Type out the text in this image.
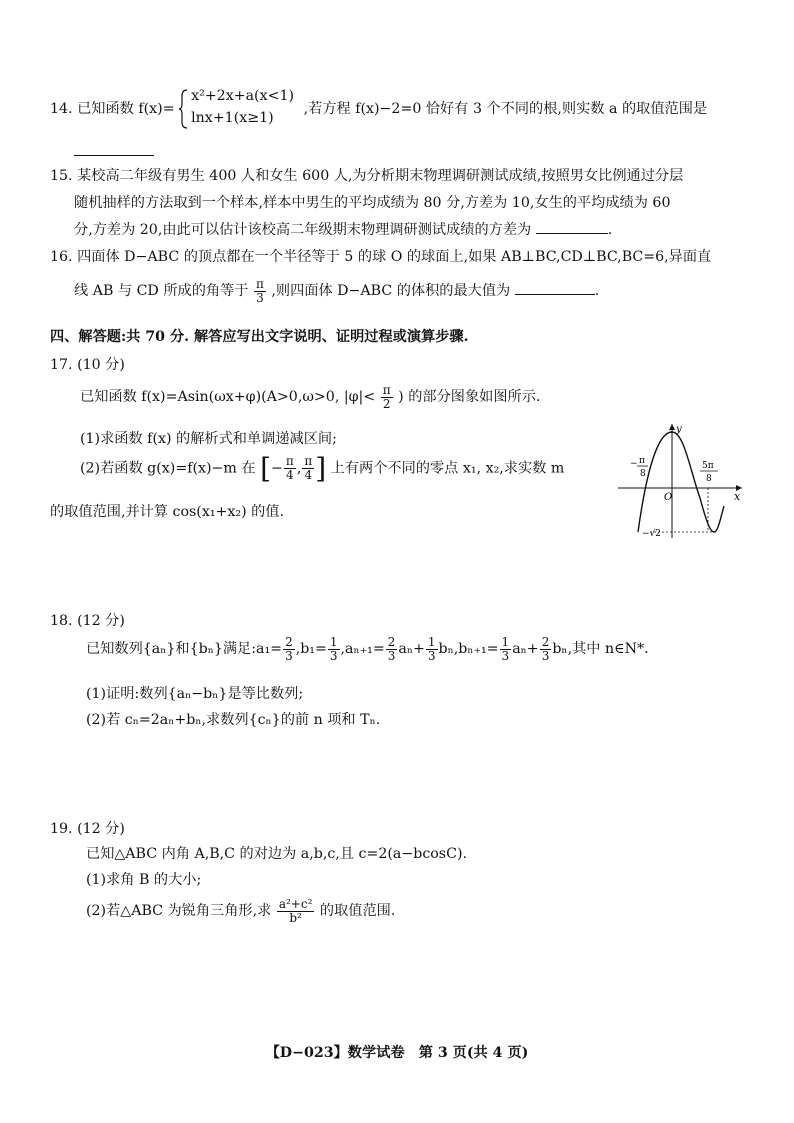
14. 已知函数 f(x)=
x²+2x+a(x<1)
lnx+1(x≥1)
,若方程 f(x)−2=0 恰好有 3 个不同的根,则实数 a 的取值范围是
15. 某校高二年级有男生 400 人和女生 600 人,为分析期末物理调研测试成绩,按照男女比例通过分层
随机抽样的方法取到一个样本,样本中男生的平均成绩为 80 分,方差为 10,女生的平均成绩为 60
分,方差为 20,由此可以估计该校高二年级期末物理调研测试成绩的方差为	.
16. 四面体 D−ABC 的顶点都在一个半径等于 5 的球 O 的球面上,如果 AB⊥BC,CD⊥BC,BC=6,异面直
线 AB 与 CD 所成的角等于 $\frac{\pi}{3}$ ,则四面体 D−ABC 的体积的最大值为	.
四、解答题:共 70 分. 解答应写出文字说明、证明过程或演算步骤.
17. (10 分)
已知函数 f(x)=Asin(ωx+φ)(A>0,ω>0, $|\varphi|< \frac{\pi}{2}$ ) 的部分图象如图所示.
(1)求函数 f(x) 的解析式和单调递减区间;
(2)若函数 g(x)=f(x)−m 在 [− $\frac{\pi}{4}$ , $\frac{\pi}{4}$ ] 上有两个不同的零点 x₁, x₂,求实数 m
的取值范围,并计算 cos(x₁+x₂) 的值.
y
x
O
− π
8
5π
8
−√2
18. (12 分)
已知数列{aₙ}和{bₙ}满足:a₁= $\frac{2}{3} ,b_1= \frac{1}{3} ,a_{n+1}= \frac{2}{3} a_n+ \frac{1}{3} b_n,b_{n+1}= \frac{1}{3} a_n+ \frac{2}{3} b_n$,其中 n∈N*.
(1)证明:数列{aₙ−bₙ}是等比数列;
(2)若 cₙ=2aₙ+bₙ,求数列{cₙ}的前 n 项和 Tₙ.
19. (12 分)
已知△ABC 内角 A,B,C 的对边为 a,b,c,且 c=2(a−bcosC).
(1)求角 B 的大小;
(2)若△ABC 为锐角三角形,求 $\frac{\text{a²+c²}}{\text{b²}}$ 的取值范围.
【D−023】数学试卷　第 3 页(共 4 页)
